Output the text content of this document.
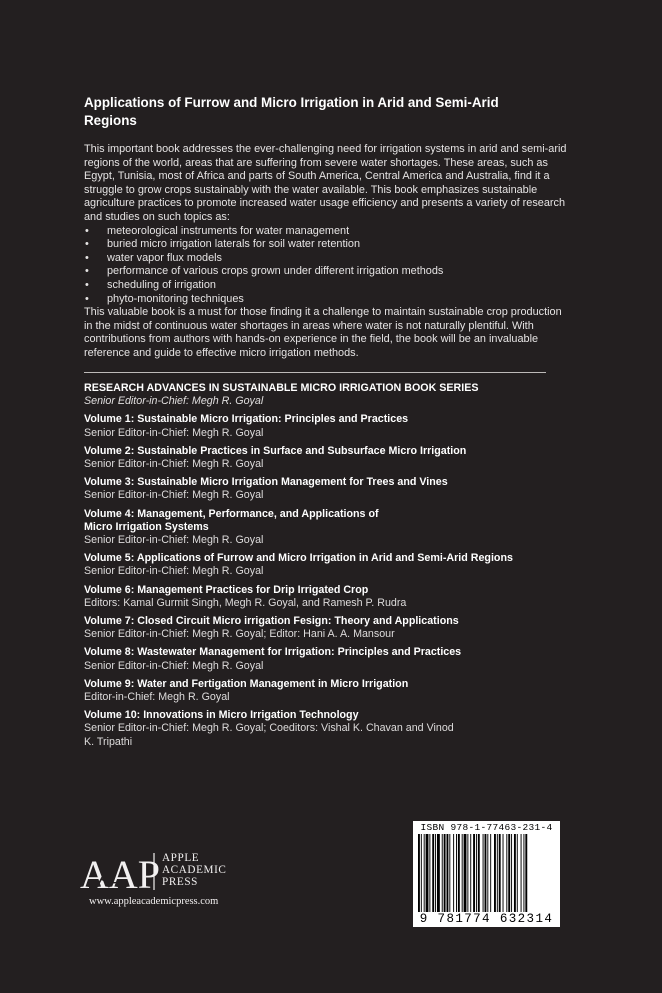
Applications of Furrow and Micro Irrigation in Arid and Semi-Arid Regions

This important book addresses the ever-challenging need for irrigation systems in arid and semi-arid regions of the world, areas that are suffering from severe water shortages. These areas, such as Egypt, Tunisia, most of Africa and parts of South America, Central America and Australia, find it a struggle to grow crops sustainably with the water available. This book emphasizes sustainable agriculture practices to promote increased water usage efficiency and presents a variety of research and studies on such topics as:

• meteorological instruments for water management
• buried micro irrigation laterals for soil water retention
• water vapor flux models
• performance of various crops grown under different irrigation methods
• scheduling of irrigation
• phyto-monitoring techniques

This valuable book is a must for those finding it a challenge to maintain sustainable crop production in the midst of continuous water shortages in areas where water is not naturally plentiful. With contributions from authors with hands-on experience in the field, the book will be an invaluable reference and guide to effective micro irrigation methods.

RESEARCH ADVANCES IN SUSTAINABLE MICRO IRRIGATION BOOK SERIES
Senior Editor-in-Chief: Megh R. Goyal
Volume 1: Sustainable Micro Irrigation: Principles and Practices
Senior Editor-in-Chief: Megh R. Goyal
Volume 2: Sustainable Practices in Surface and Subsurface Micro Irrigation
Senior Editor-in-Chief: Megh R. Goyal
Volume 3: Sustainable Micro Irrigation Management for Trees and Vines
Senior Editor-in-Chief: Megh R. Goyal
Volume 4: Management, Performance, and Applications of Micro Irrigation Systems
Senior Editor-in-Chief: Megh R. Goyal
Volume 5: Applications of Furrow and Micro Irrigation in Arid and Semi-Arid Regions
Senior Editor-in-Chief: Megh R. Goyal
Volume 6: Management Practices for Drip Irrigated Crop
Editors: Kamal Gurmit Singh, Megh R. Goyal, and Ramesh P. Rudra
Volume 7: Closed Circuit Micro irrigation Fesign: Theory and Applications
Senior Editor-in-Chief: Megh R. Goyal; Editor: Hani A. A. Mansour
Volume 8: Wastewater Management for Irrigation: Principles and Practices
Senior Editor-in-Chief: Megh R. Goyal
Volume 9: Water and Fertigation Management in Micro Irrigation
Editor-in-Chief: Megh R. Goyal
Volume 10: Innovations in Micro Irrigation Technology
Senior Editor-in-Chief: Megh R. Goyal; Coeditors: Vishal K. Chavan and Vinod K. Tripathi
AAP APPLE
ACADEMIC
PRESS
www.appleacademicpress.com
ISBN 978-1-77463-231-4
9 781774 632314
